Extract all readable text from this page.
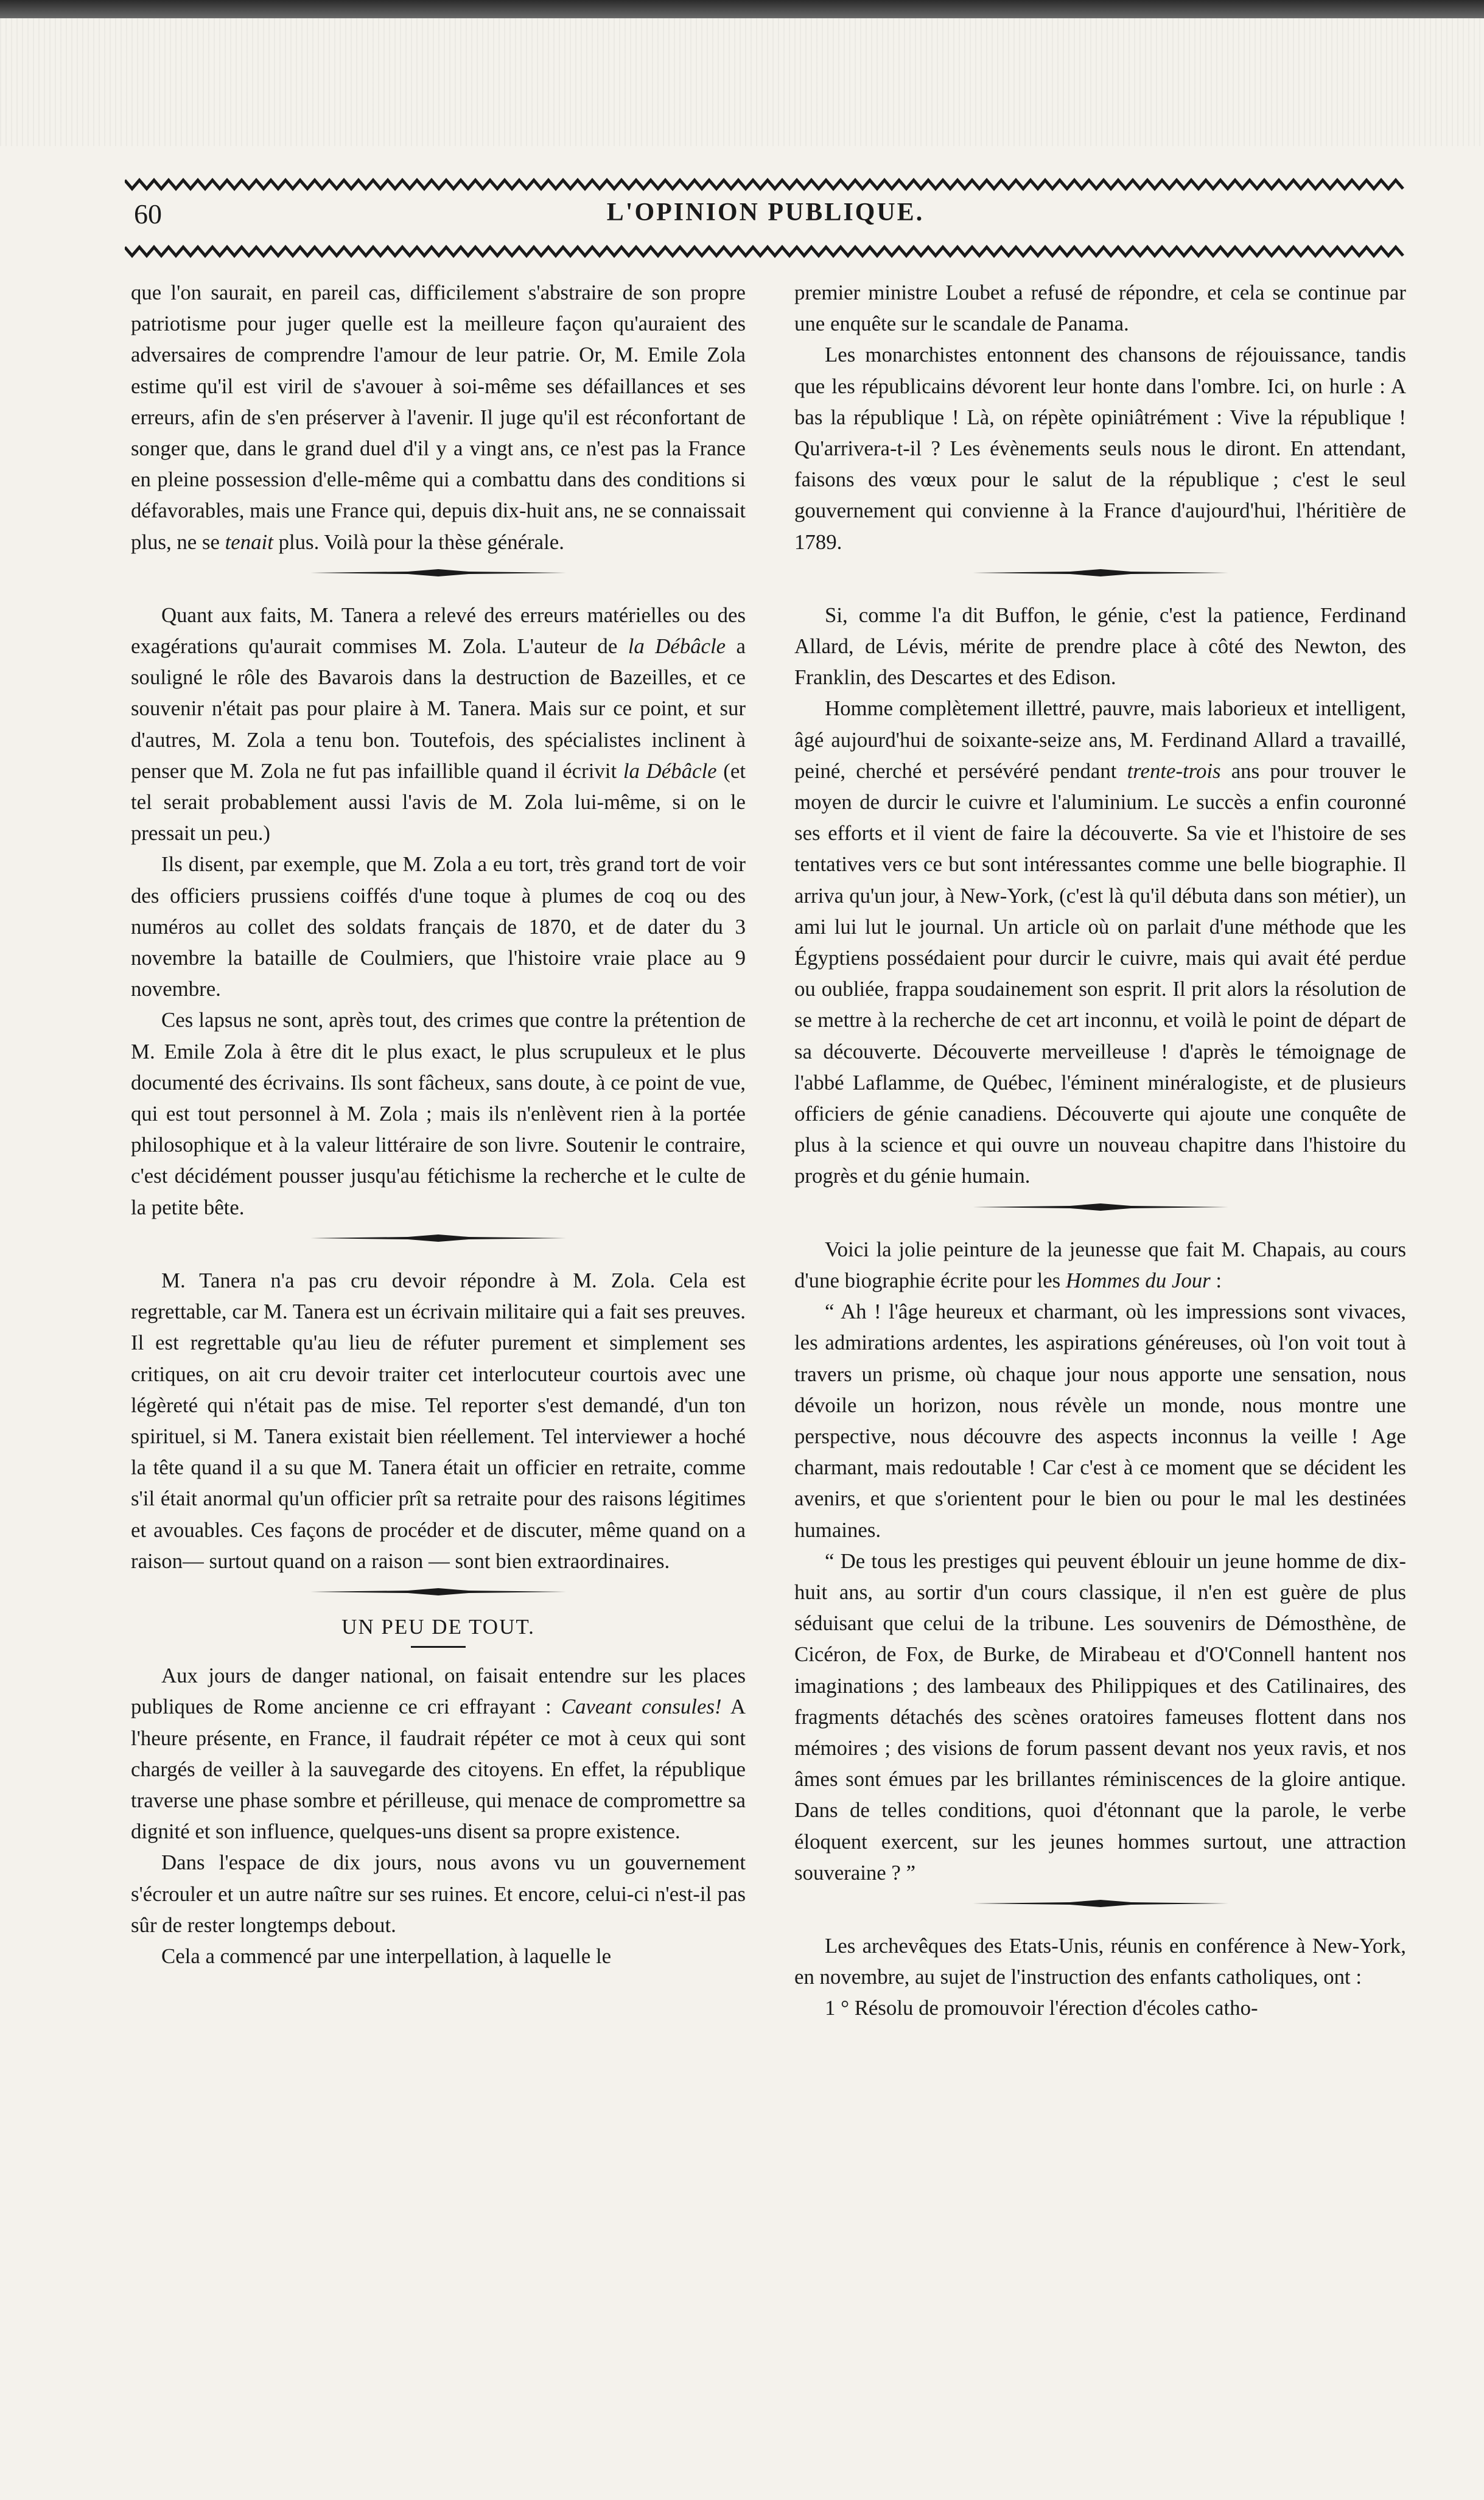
60	L'OPINION PUBLIQUE.

que l'on saurait, en pareil cas, difficilement s'abstraire de son propre patriotisme pour juger quelle est la meilleure façon qu'auraient des adversaires de comprendre l'amour de leur patrie. Or, M. Emile Zola estime qu'il est viril de s'avouer à soi-même ses défaillances et ses erreurs, afin de s'en préserver à l'avenir. Il juge qu'il est réconfortant de songer que, dans le grand duel d'il y a vingt ans, ce n'est pas la France en pleine possession d'elle-même qui a combattu dans des conditions si défavorables, mais une France qui, depuis dix-huit ans, ne se connaissait plus, ne se tenait plus. Voilà pour la thèse générale.

Quant aux faits, M. Tanera a relevé des erreurs matérielles ou des exagérations qu'aurait commises M. Zola. L'auteur de la Débâcle a souligné le rôle des Bavarois dans la destruction de Bazeilles, et ce souvenir n'était pas pour plaire à M. Tanera. Mais sur ce point, et sur d'autres, M. Zola a tenu bon. Toutefois, des spécialistes inclinent à penser que M. Zola ne fut pas infaillible quand il écrivit la Débâcle (et tel serait probablement aussi l'avis de M. Zola lui-même, si on le pressait un peu.)

Ils disent, par exemple, que M. Zola a eu tort, très grand tort de voir des officiers prussiens coiffés d'une toque à plumes de coq ou des numéros au collet des soldats français de 1870, et de dater du 3 novembre la bataille de Coulmiers, que l'histoire vraie place au 9 novembre.

Ces lapsus ne sont, après tout, des crimes que contre la prétention de M. Emile Zola à être dit le plus exact, le plus scrupuleux et le plus documenté des écrivains. Ils sont fâcheux, sans doute, à ce point de vue, qui est tout personnel à M. Zola ; mais ils n'enlèvent rien à la portée philosophique et à la valeur littéraire de son livre. Soutenir le contraire, c'est décidément pousser jusqu'au fétichisme la recherche et le culte de la petite bête.

M. Tanera n'a pas cru devoir répondre à M. Zola. Cela est regrettable, car M. Tanera est un écrivain militaire qui a fait ses preuves. Il est regrettable qu'au lieu de réfuter purement et simplement ses critiques, on ait cru devoir traiter cet interlocuteur courtois avec une légèreté qui n'était pas de mise. Tel reporter s'est demandé, d'un ton spirituel, si M. Tanera existait bien réellement. Tel interviewer a hoché la tête quand il a su que M. Tanera était un officier en retraite, comme s'il était anormal qu'un officier prît sa retraite pour des raisons légitimes et avouables. Ces façons de procéder et de discuter, même quand on a raison— surtout quand on a raison — sont bien extraordinaires.

UN PEU DE TOUT.

Aux jours de danger national, on faisait entendre sur les places publiques de Rome ancienne ce cri effrayant : Caveant consules! A l'heure présente, en France, il faudrait répéter ce mot à ceux qui sont chargés de veiller à la sauvegarde des citoyens. En effet, la république traverse une phase sombre et périlleuse, qui menace de compromettre sa dignité et son influence, quelques-uns disent sa propre existence.

Dans l'espace de dix jours, nous avons vu un gouvernement s'écrouler et un autre naître sur ses ruines. Et encore, celui-ci n'est-il pas sûr de rester longtemps debout.

Cela a commencé par une interpellation, à laquelle le

premier ministre Loubet a refusé de répondre, et cela se continue par une enquête sur le scandale de Panama.

Les monarchistes entonnent des chansons de réjouissance, tandis que les républicains dévorent leur honte dans l'ombre. Ici, on hurle : A bas la république ! Là, on répète opiniâtrément : Vive la république ! Qu'arrivera-t-il ? Les évènements seuls nous le diront. En attendant, faisons des vœux pour le salut de la république ; c'est le seul gouvernement qui convienne à la France d'aujourd'hui, l'héritière de 1789.

Si, comme l'a dit Buffon, le génie, c'est la patience, Ferdinand Allard, de Lévis, mérite de prendre place à côté des Newton, des Franklin, des Descartes et des Edison.

Homme complètement illettré, pauvre, mais laborieux et intelligent, âgé aujourd'hui de soixante-seize ans, M. Ferdinand Allard a travaillé, peiné, cherché et persévéré pendant trente-trois ans pour trouver le moyen de durcir le cuivre et l'aluminium. Le succès a enfin couronné ses efforts et il vient de faire la découverte. Sa vie et l'histoire de ses tentatives vers ce but sont intéressantes comme une belle biographie. Il arriva qu'un jour, à New-York, (c'est là qu'il débuta dans son métier), un ami lui lut le journal. Un article où on parlait d'une méthode que les Égyptiens possédaient pour durcir le cuivre, mais qui avait été perdue ou oubliée, frappa soudainement son esprit. Il prit alors la résolution de se mettre à la recherche de cet art inconnu, et voilà le point de départ de sa découverte. Découverte merveilleuse ! d'après le témoignage de l'abbé Laflamme, de Québec, l'éminent minéralogiste, et de plusieurs officiers de génie canadiens. Découverte qui ajoute une conquête de plus à la science et qui ouvre un nouveau chapitre dans l'histoire du progrès et du génie humain.

Voici la jolie peinture de la jeunesse que fait M. Chapais, au cours d'une biographie écrite pour les Hommes du Jour :

“ Ah ! l'âge heureux et charmant, où les impressions sont vivaces, les admirations ardentes, les aspirations généreuses, où l'on voit tout à travers un prisme, où chaque jour nous apporte une sensation, nous dévoile un horizon, nous révèle un monde, nous montre une perspective, nous découvre des aspects inconnus la veille ! Age charmant, mais redoutable ! Car c'est à ce moment que se décident les avenirs, et que s'orientent pour le bien ou pour le mal les destinées humaines.

“ De tous les prestiges qui peuvent éblouir un jeune homme de dix-huit ans, au sortir d'un cours classique, il n'en est guère de plus séduisant que celui de la tribune. Les souvenirs de Démosthène, de Cicéron, de Fox, de Burke, de Mirabeau et d'O'Connell hantent nos imaginations ; des lambeaux des Philippiques et des Catilinaires, des fragments détachés des scènes oratoires fameuses flottent dans nos mémoires ; des visions de forum passent devant nos yeux ravis, et nos âmes sont émues par les brillantes réminiscences de la gloire antique. Dans de telles conditions, quoi d'étonnant que la parole, le verbe éloquent exercent, sur les jeunes hommes surtout, une attraction souveraine ? ”

Les archevêques des Etats-Unis, réunis en conférence à New-York, en novembre, au sujet de l'instruction des enfants catholiques, ont :

1 ° Résolu de promouvoir l'érection d'écoles catho-
